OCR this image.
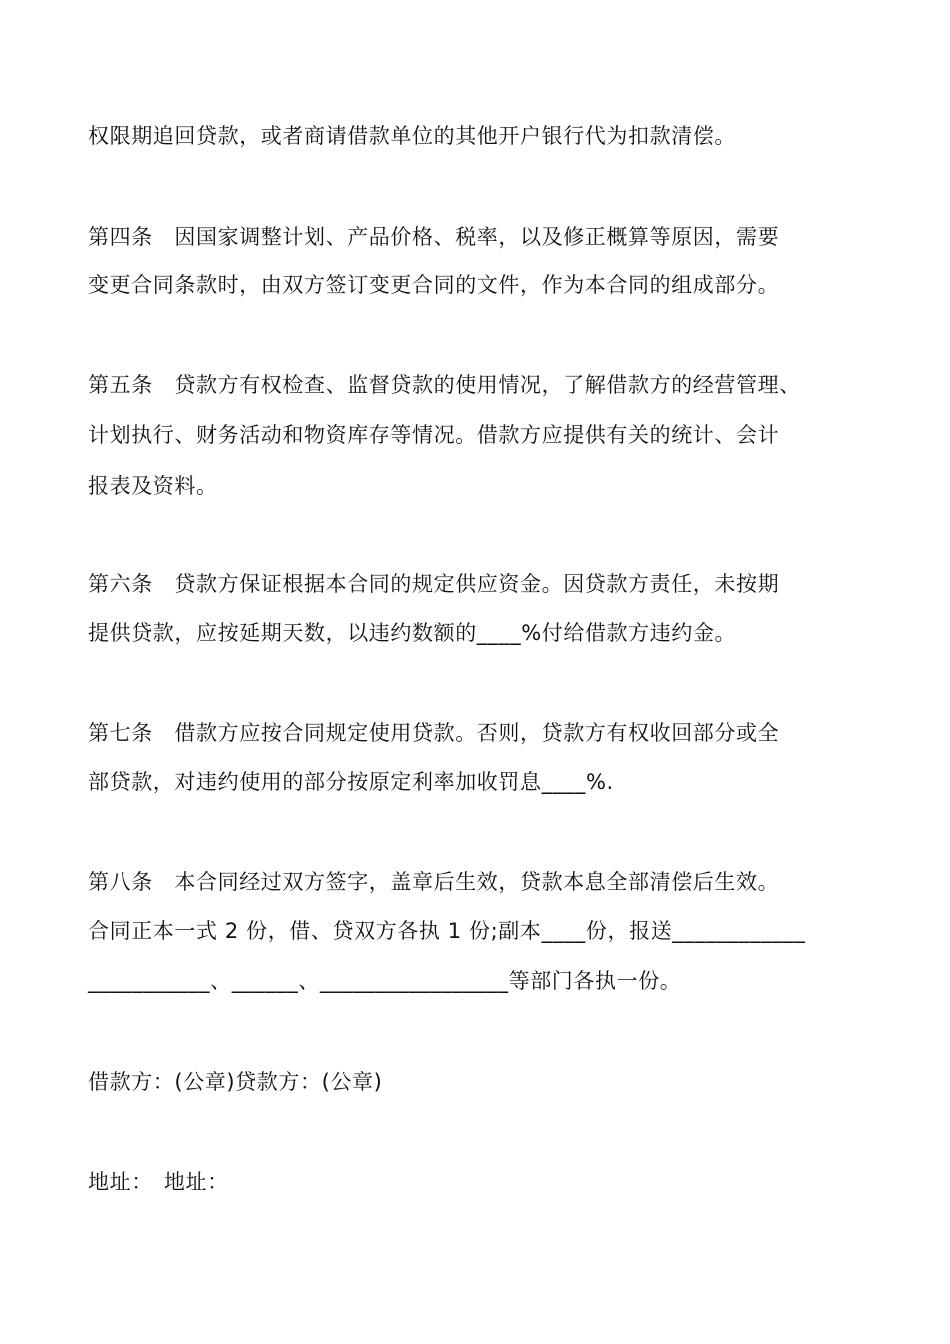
权限期追回贷款，或者商请借款单位的其他开户银行代为扣款清偿。
第四条　因国家调整计划、产品价格、税率，以及修正概算等原因，需要
变更合同条款时，由双方签订变更合同的文件，作为本合同的组成部分。
第五条　贷款方有权检查、监督贷款的使用情况，了解借款方的经营管理、
计划执行、财务活动和物资库存等情况。借款方应提供有关的统计、会计
报表及资料。
第六条　贷款方保证根据本合同的规定供应资金。因贷款方责任，未按期
提供贷款，应按延期天数，以违约数额的____%付给借款方违约金。
第七条　借款方应按合同规定使用贷款。否则，贷款方有权收回部分或全
部贷款，对违约使用的部分按原定利率加收罚息____%.
第八条　本合同经过双方签字，盖章后生效，贷款本息全部清偿后生效。
合同正本一式 2 份，借、贷双方各执 1 份;副本____份，报送____________
___________、______、_________________等部门各执一份。
借款方：(公章)贷款方：(公章)
地址：　地址：
